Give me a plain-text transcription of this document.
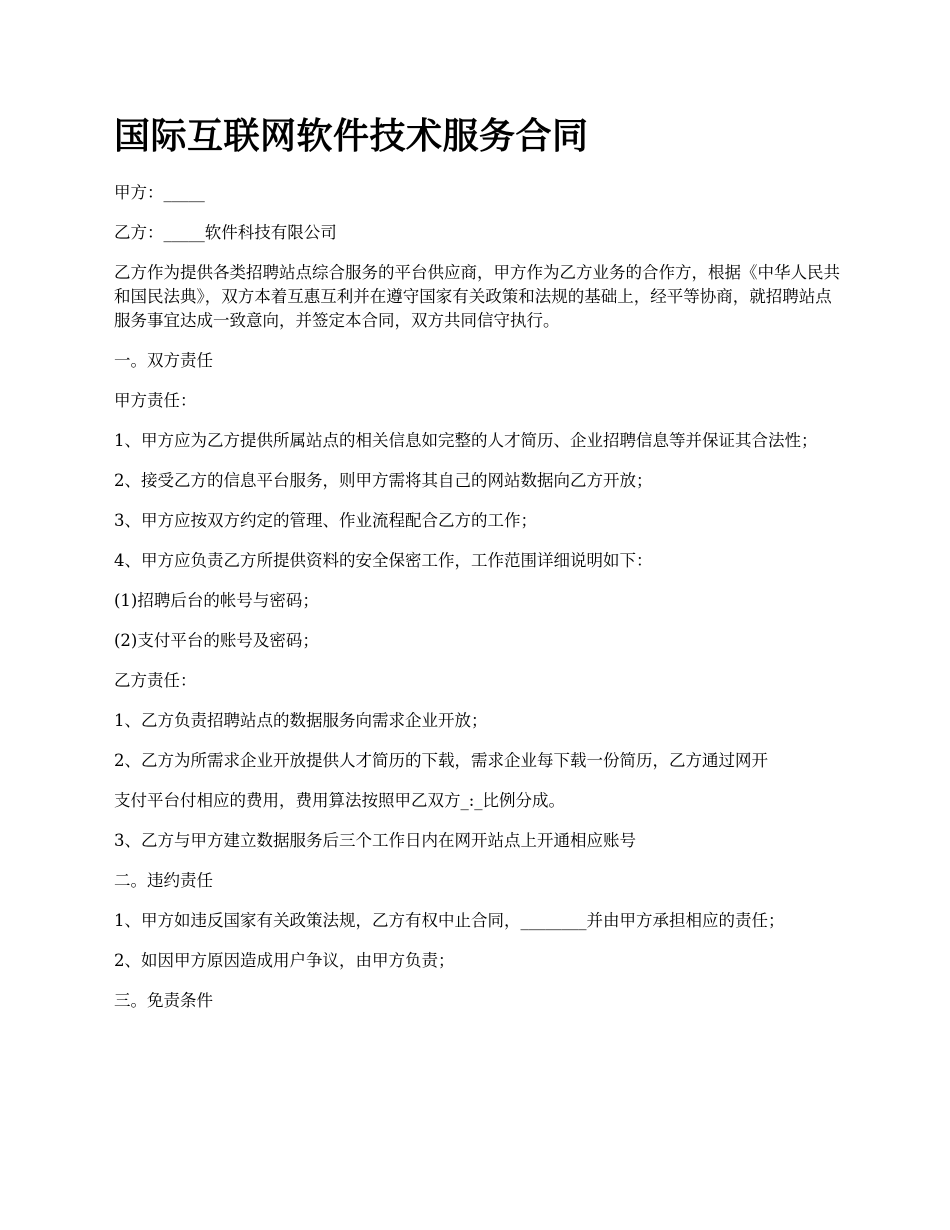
国际互联网软件技术服务合同

甲方：_____

乙方：_____软件科技有限公司

乙方作为提供各类招聘站点综合服务的平台供应商，甲方作为乙方业务的合作方，根据《中华人民共和国民法典》，双方本着互惠互利并在遵守国家有关政策和法规的基础上，经平等协商，就招聘站点服务事宜达成一致意向，并签定本合同，双方共同信守执行。

一。双方责任

甲方责任：

1、甲方应为乙方提供所属站点的相关信息如完整的人才简历、企业招聘信息等并保证其合法性；

2、接受乙方的信息平台服务，则甲方需将其自己的网站数据向乙方开放；

3、甲方应按双方约定的管理、作业流程配合乙方的工作；

4、甲方应负责乙方所提供资料的安全保密工作，工作范围详细说明如下：

(1)招聘后台的帐号与密码；

(2)支付平台的账号及密码；

乙方责任：

1、乙方负责招聘站点的数据服务向需求企业开放；

2、乙方为所需求企业开放提供人才简历的下载，需求企业每下载一份简历，乙方通过网开

支付平台付相应的费用，费用算法按照甲乙双方_:_比例分成。

3、乙方与甲方建立数据服务后三个工作日内在网开站点上开通相应账号

二。违约责任

1、甲方如违反国家有关政策法规，乙方有权中止合同，________并由甲方承担相应的责任；

2、如因甲方原因造成用户争议，由甲方负责；

三。免责条件
